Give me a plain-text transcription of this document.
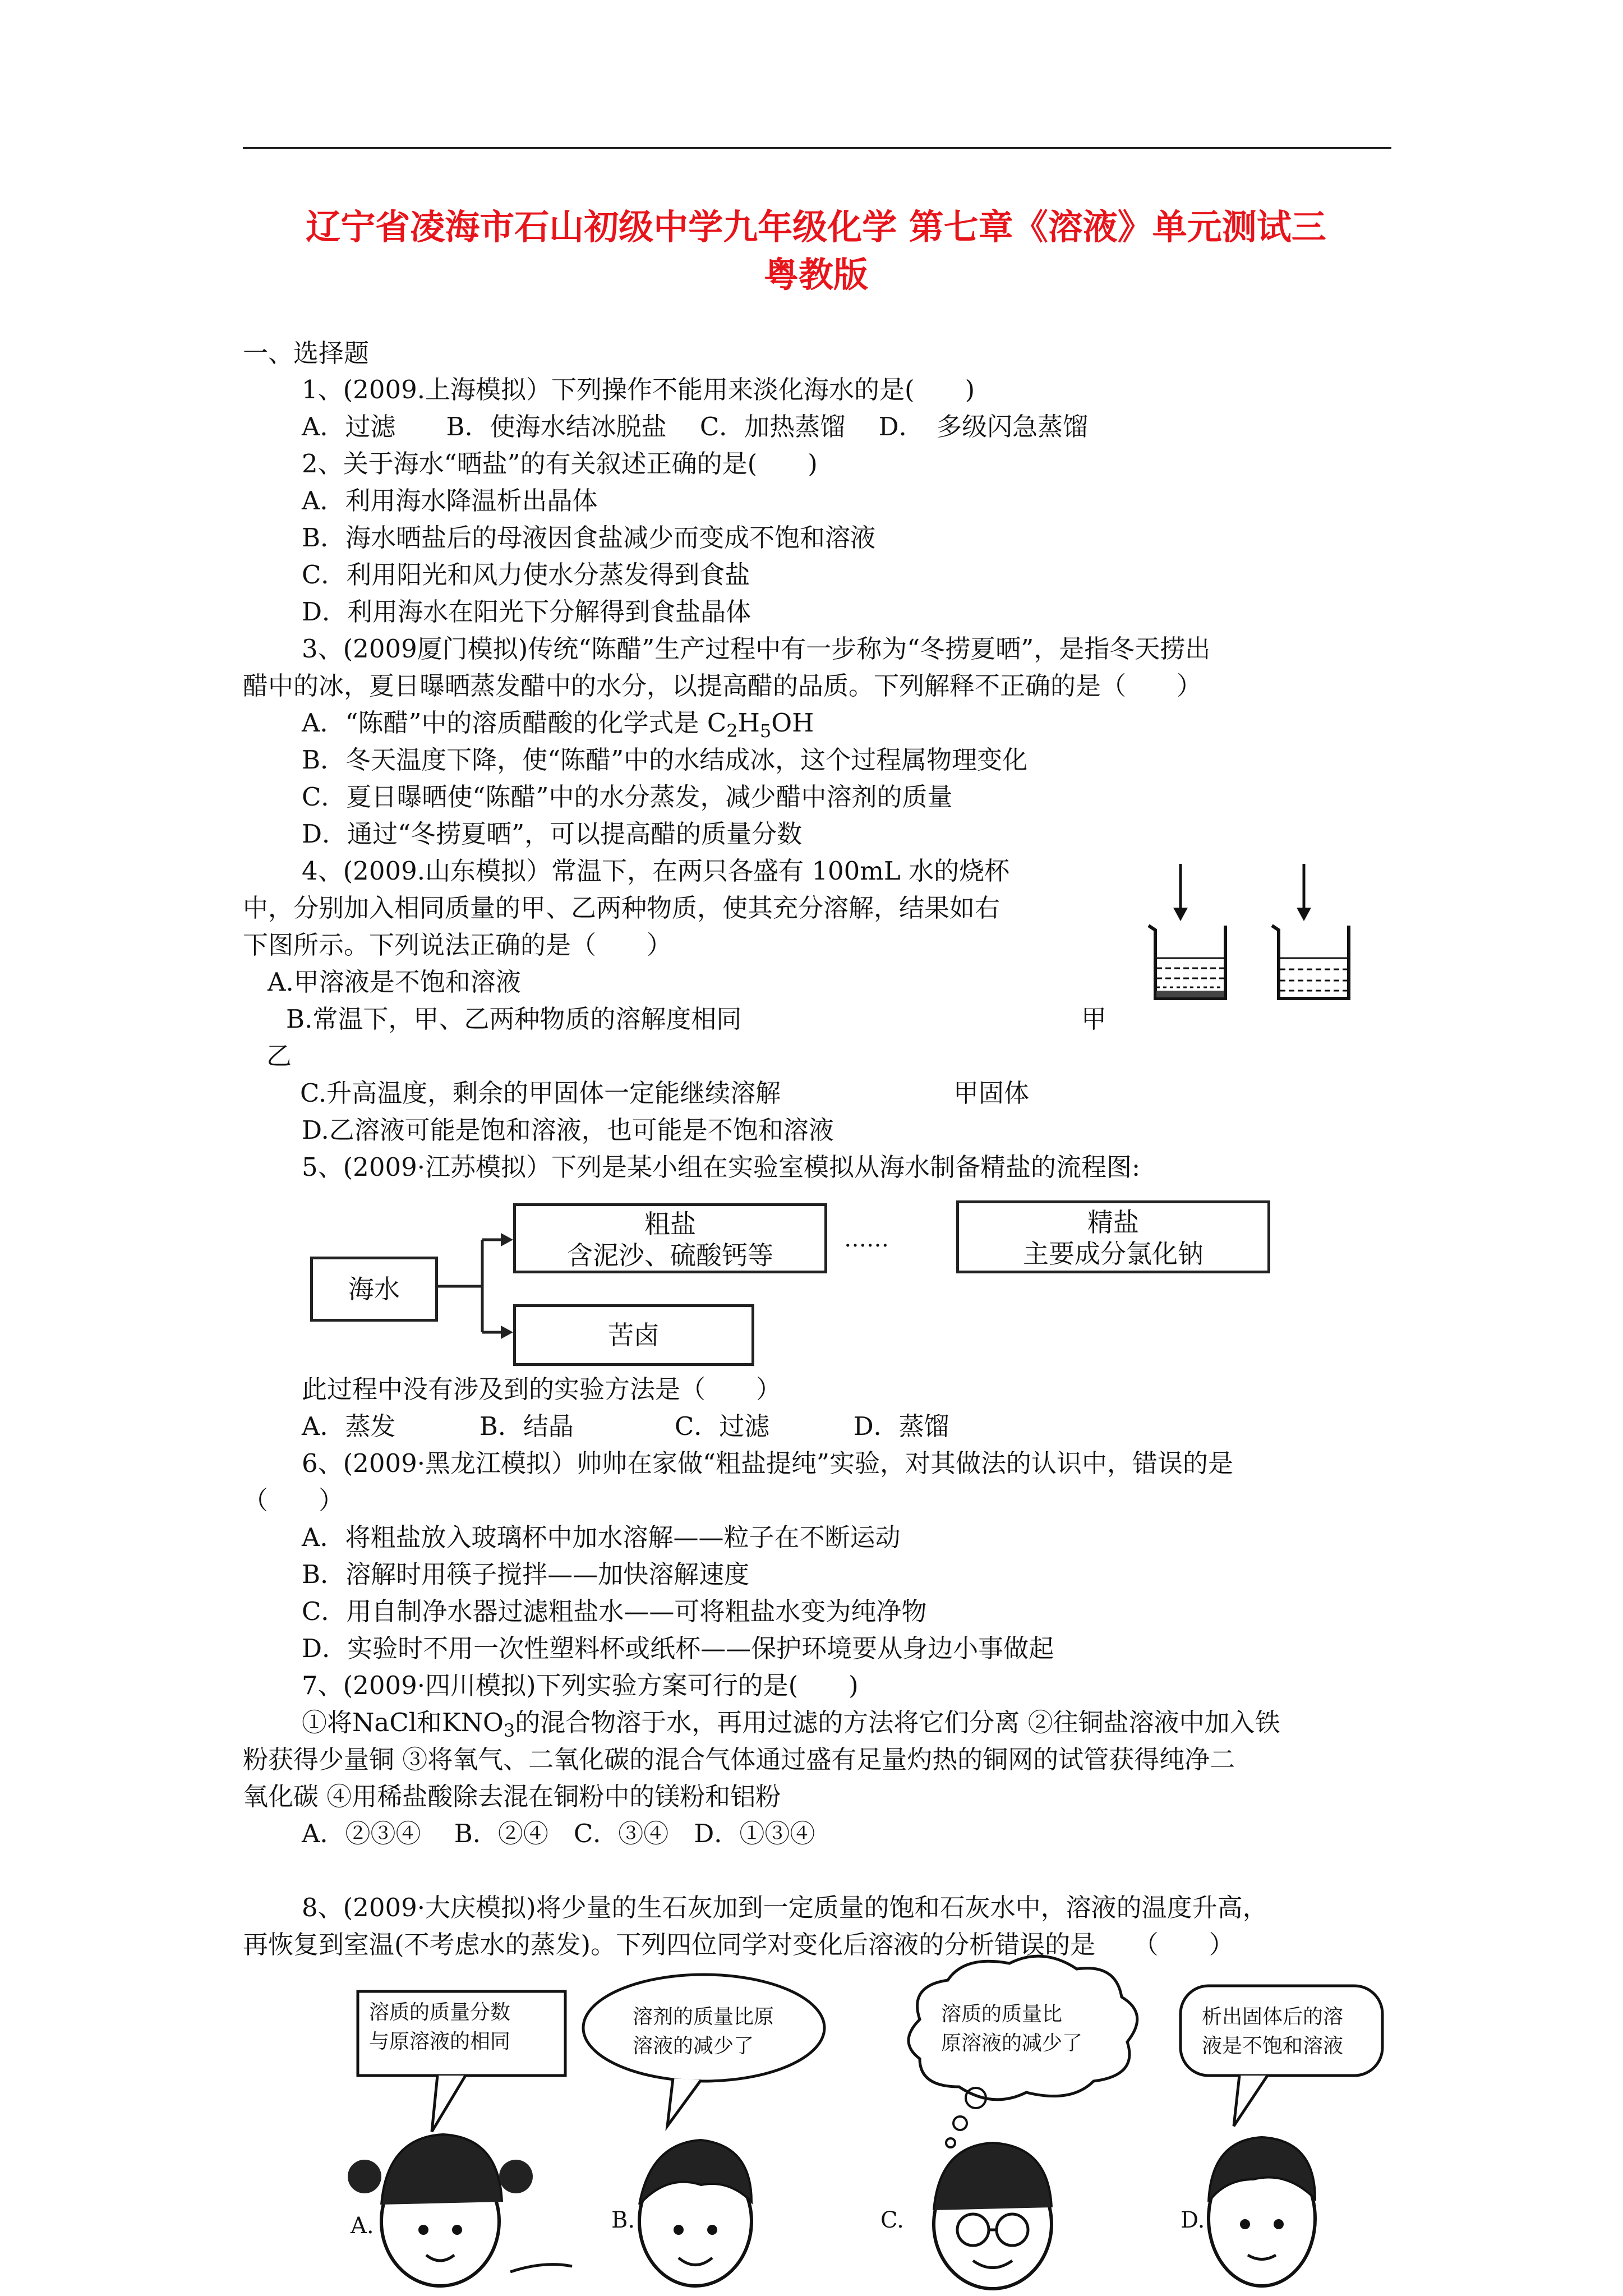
辽宁省凌海市石山初级中学九年级化学 第七章《溶液》单元测试三
粤教版
一、选择题
1、(2009.上海模拟）下列操作不能用来淡化海水的是(　　)
A．过滤　　B．使海水结冰脱盐　 C．加热蒸馏　 D．　多级闪急蒸馏
2、关于海水“晒盐”的有关叙述正确的是(　　)
A．利用海水降温析出晶体
B．海水晒盐后的母液因食盐减少而变成不饱和溶液
C．利用阳光和风力使水分蒸发得到食盐
D．利用海水在阳光下分解得到食盐晶体
3、(2009厦门模拟)传统“陈醋”生产过程中有一步称为“冬捞夏晒”，是指冬天捞出
醋中的冰，夏日曝晒蒸发醋中的水分，以提高醋的品质。下列解释不正确的是（　　）
A．“陈醋”中的溶质醋酸的化学式是 $C_2H_5OH$
B．冬天温度下降，使“陈醋”中的水结成冰，这个过程属物理变化
C．夏日曝晒使“陈醋”中的水分蒸发，减少醋中溶剂的质量
D．通过“冬捞夏晒”，可以提高醋的质量分数
4、(2009.山东模拟）常温下，在两只各盛有 100mL 水的烧杯
中，分别加入相同质量的甲、乙两种物质，使其充分溶解，结果如右
下图所示。下列说法正确的是（　　）
A.甲溶液是不饱和溶液
B.常温下，甲、乙两种物质的溶解度相同	甲
乙
C.升高温度，剩余的甲固体一定能继续溶解	甲固体
D.乙溶液可能是饱和溶液，也可能是不饱和溶液
5、(2009·江苏模拟）下列是某小组在实验室模拟从海水制备精盐的流程图:
海水
粗盐
含泥沙、硫酸钙等
……
精盐
主要成分氯化钠
苦卤
此过程中没有涉及到的实验方法是（　　）
A．蒸发　　　 B．结晶　　　　C．过滤　　　 D．蒸馏
6、(2009·黑龙江模拟）帅帅在家做“粗盐提纯”实验，对其做法的认识中，错误的是
（　　）
A．将粗盐放入玻璃杯中加水溶解——粒子在不断运动
B．溶解时用筷子搅拌——加快溶解速度
C．用自制净水器过滤粗盐水——可将粗盐水变为纯净物
D．实验时不用一次性塑料杯或纸杯——保护环境要从身边小事做起
7、(2009·四川模拟)下列实验方案可行的是(　　)
①将NaCl和$KNO_3$的混合物溶于水，再用过滤的方法将它们分离 ②往铜盐溶液中加入铁
粉获得少量铜 ③将氧气、二氧化碳的混合气体通过盛有足量灼热的铜网的试管获得纯净二
氧化碳 ④用稀盐酸除去混在铜粉中的镁粉和铝粉
A．②③④　 B．②④　C．③④　D．①③④
8、(2009·大庆模拟)将少量的生石灰加到一定质量的饱和石灰水中，溶液的温度升高，
再恢复到室温(不考虑水的蒸发)。下列四位同学对变化后溶液的分析错误的是　　（　　）
溶质的质量分数
与原溶液的相同
溶剂的质量比原
溶液的减少了
溶质的质量比
原溶液的减少了
析出固体后的溶
液是不饱和溶液
A.	B.	C.	D.
